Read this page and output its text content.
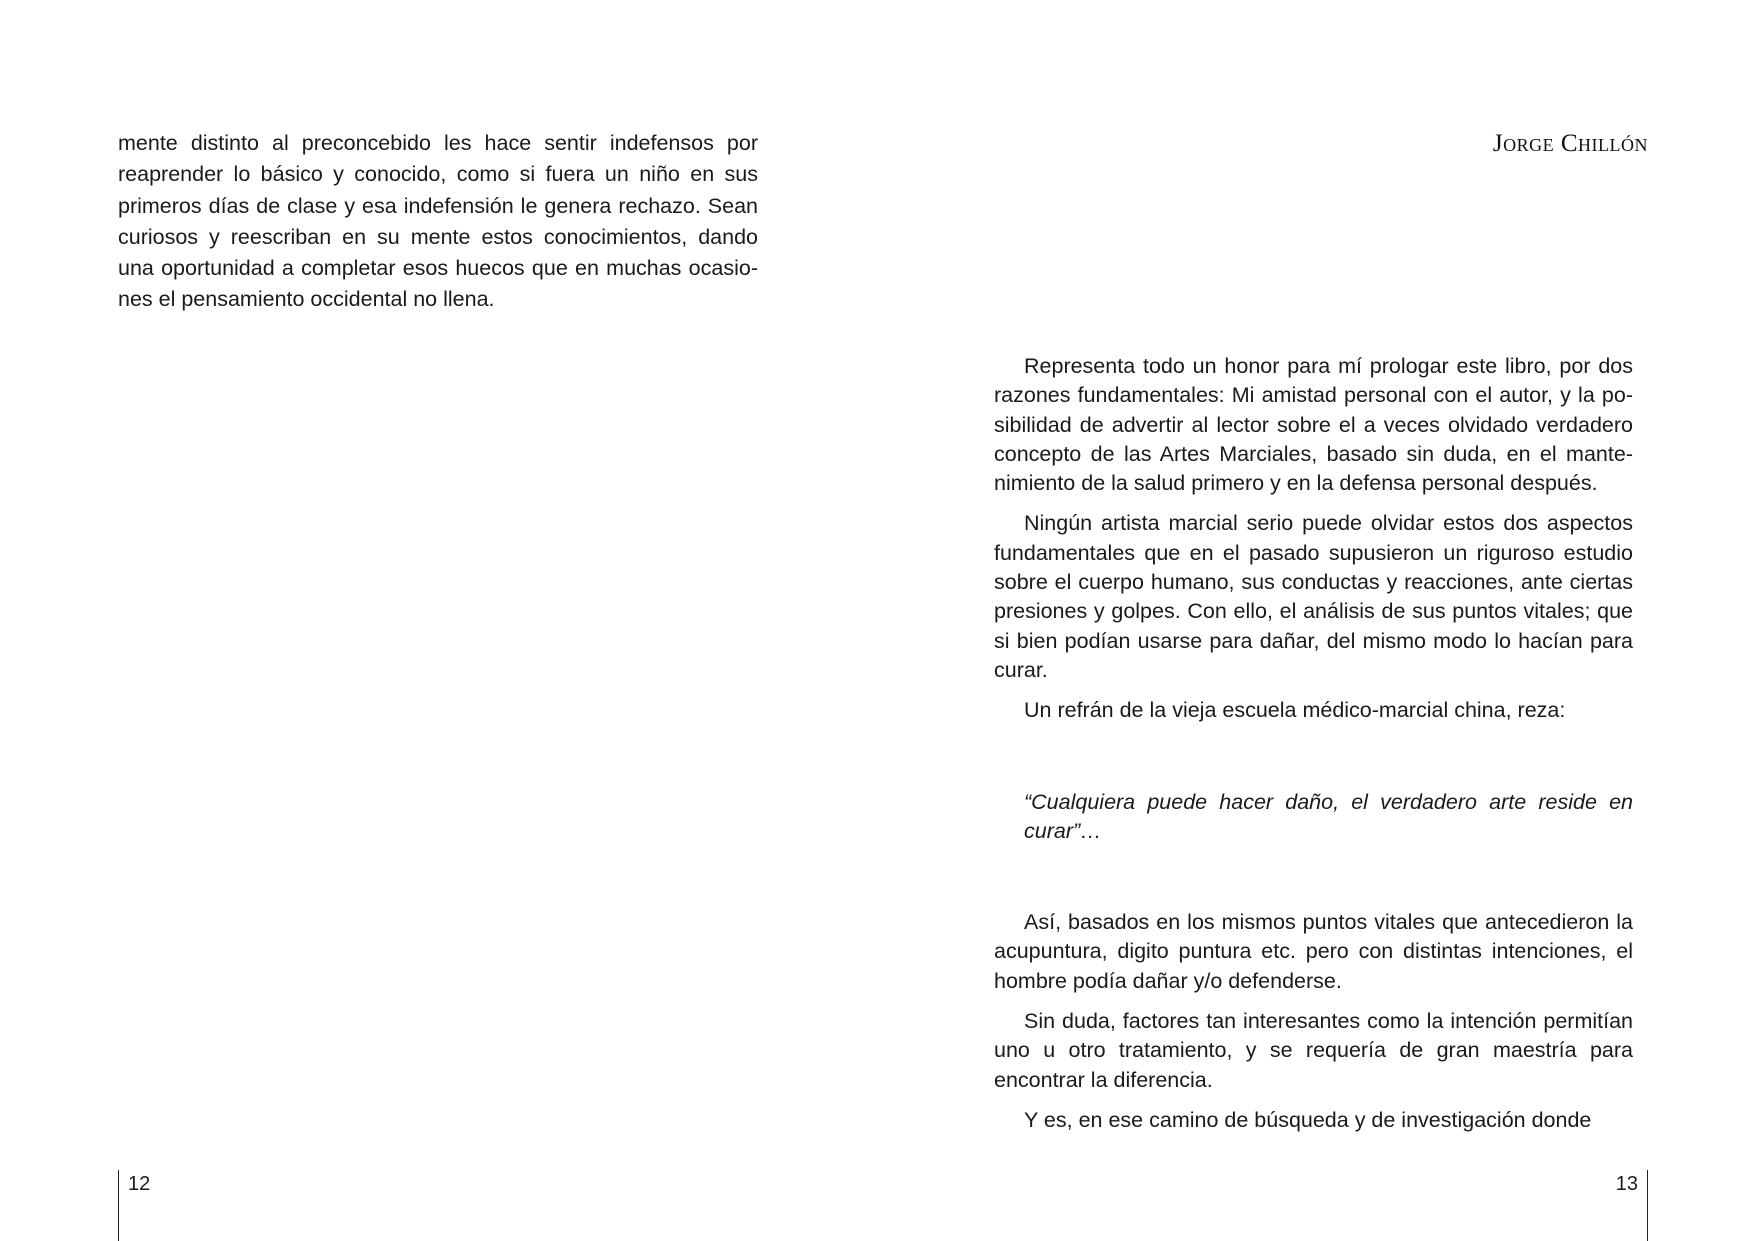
mente distinto al preconcebido les hace sentir indefensos por reaprender lo básico y conocido, como si fuera un niño en sus primeros días de clase y esa indefensión le genera rechazo. Sean curiosos y reescriban en su mente estos conocimientos, dando una oportunidad a completar esos huecos que en muchas ocasiones el pensamiento occidental no llena.

12
Jorge Chillón

Representa todo un honor para mí prologar este libro, por dos razones fundamentales: Mi amistad personal con el autor, y la posibilidad de advertir al lector sobre el a veces olvidado verdadero concepto de las Artes Marciales, basado sin duda, en el mantenimiento de la salud primero y en la defensa personal después.

Ningún artista marcial serio puede olvidar estos dos aspectos fundamentales que en el pasado supusieron un riguroso estudio sobre el cuerpo humano, sus conductas y reacciones, ante ciertas presiones y golpes. Con ello, el análisis de sus puntos vitales; que si bien podían usarse para dañar, del mismo modo lo hacían para curar.

Un refrán de la vieja escuela médico-marcial china, reza:

“Cualquiera puede hacer daño, el verdadero arte reside en curar”…

Así, basados en los mismos puntos vitales que antecedieron la acupuntura, digito puntura etc. pero con distintas intenciones, el hombre podía dañar y/o defenderse.

Sin duda, factores tan interesantes como la intención permitían uno u otro tratamiento, y se requería de gran maestría para encontrar la diferencia.

Y es, en ese camino de búsqueda y de investigación donde

13
